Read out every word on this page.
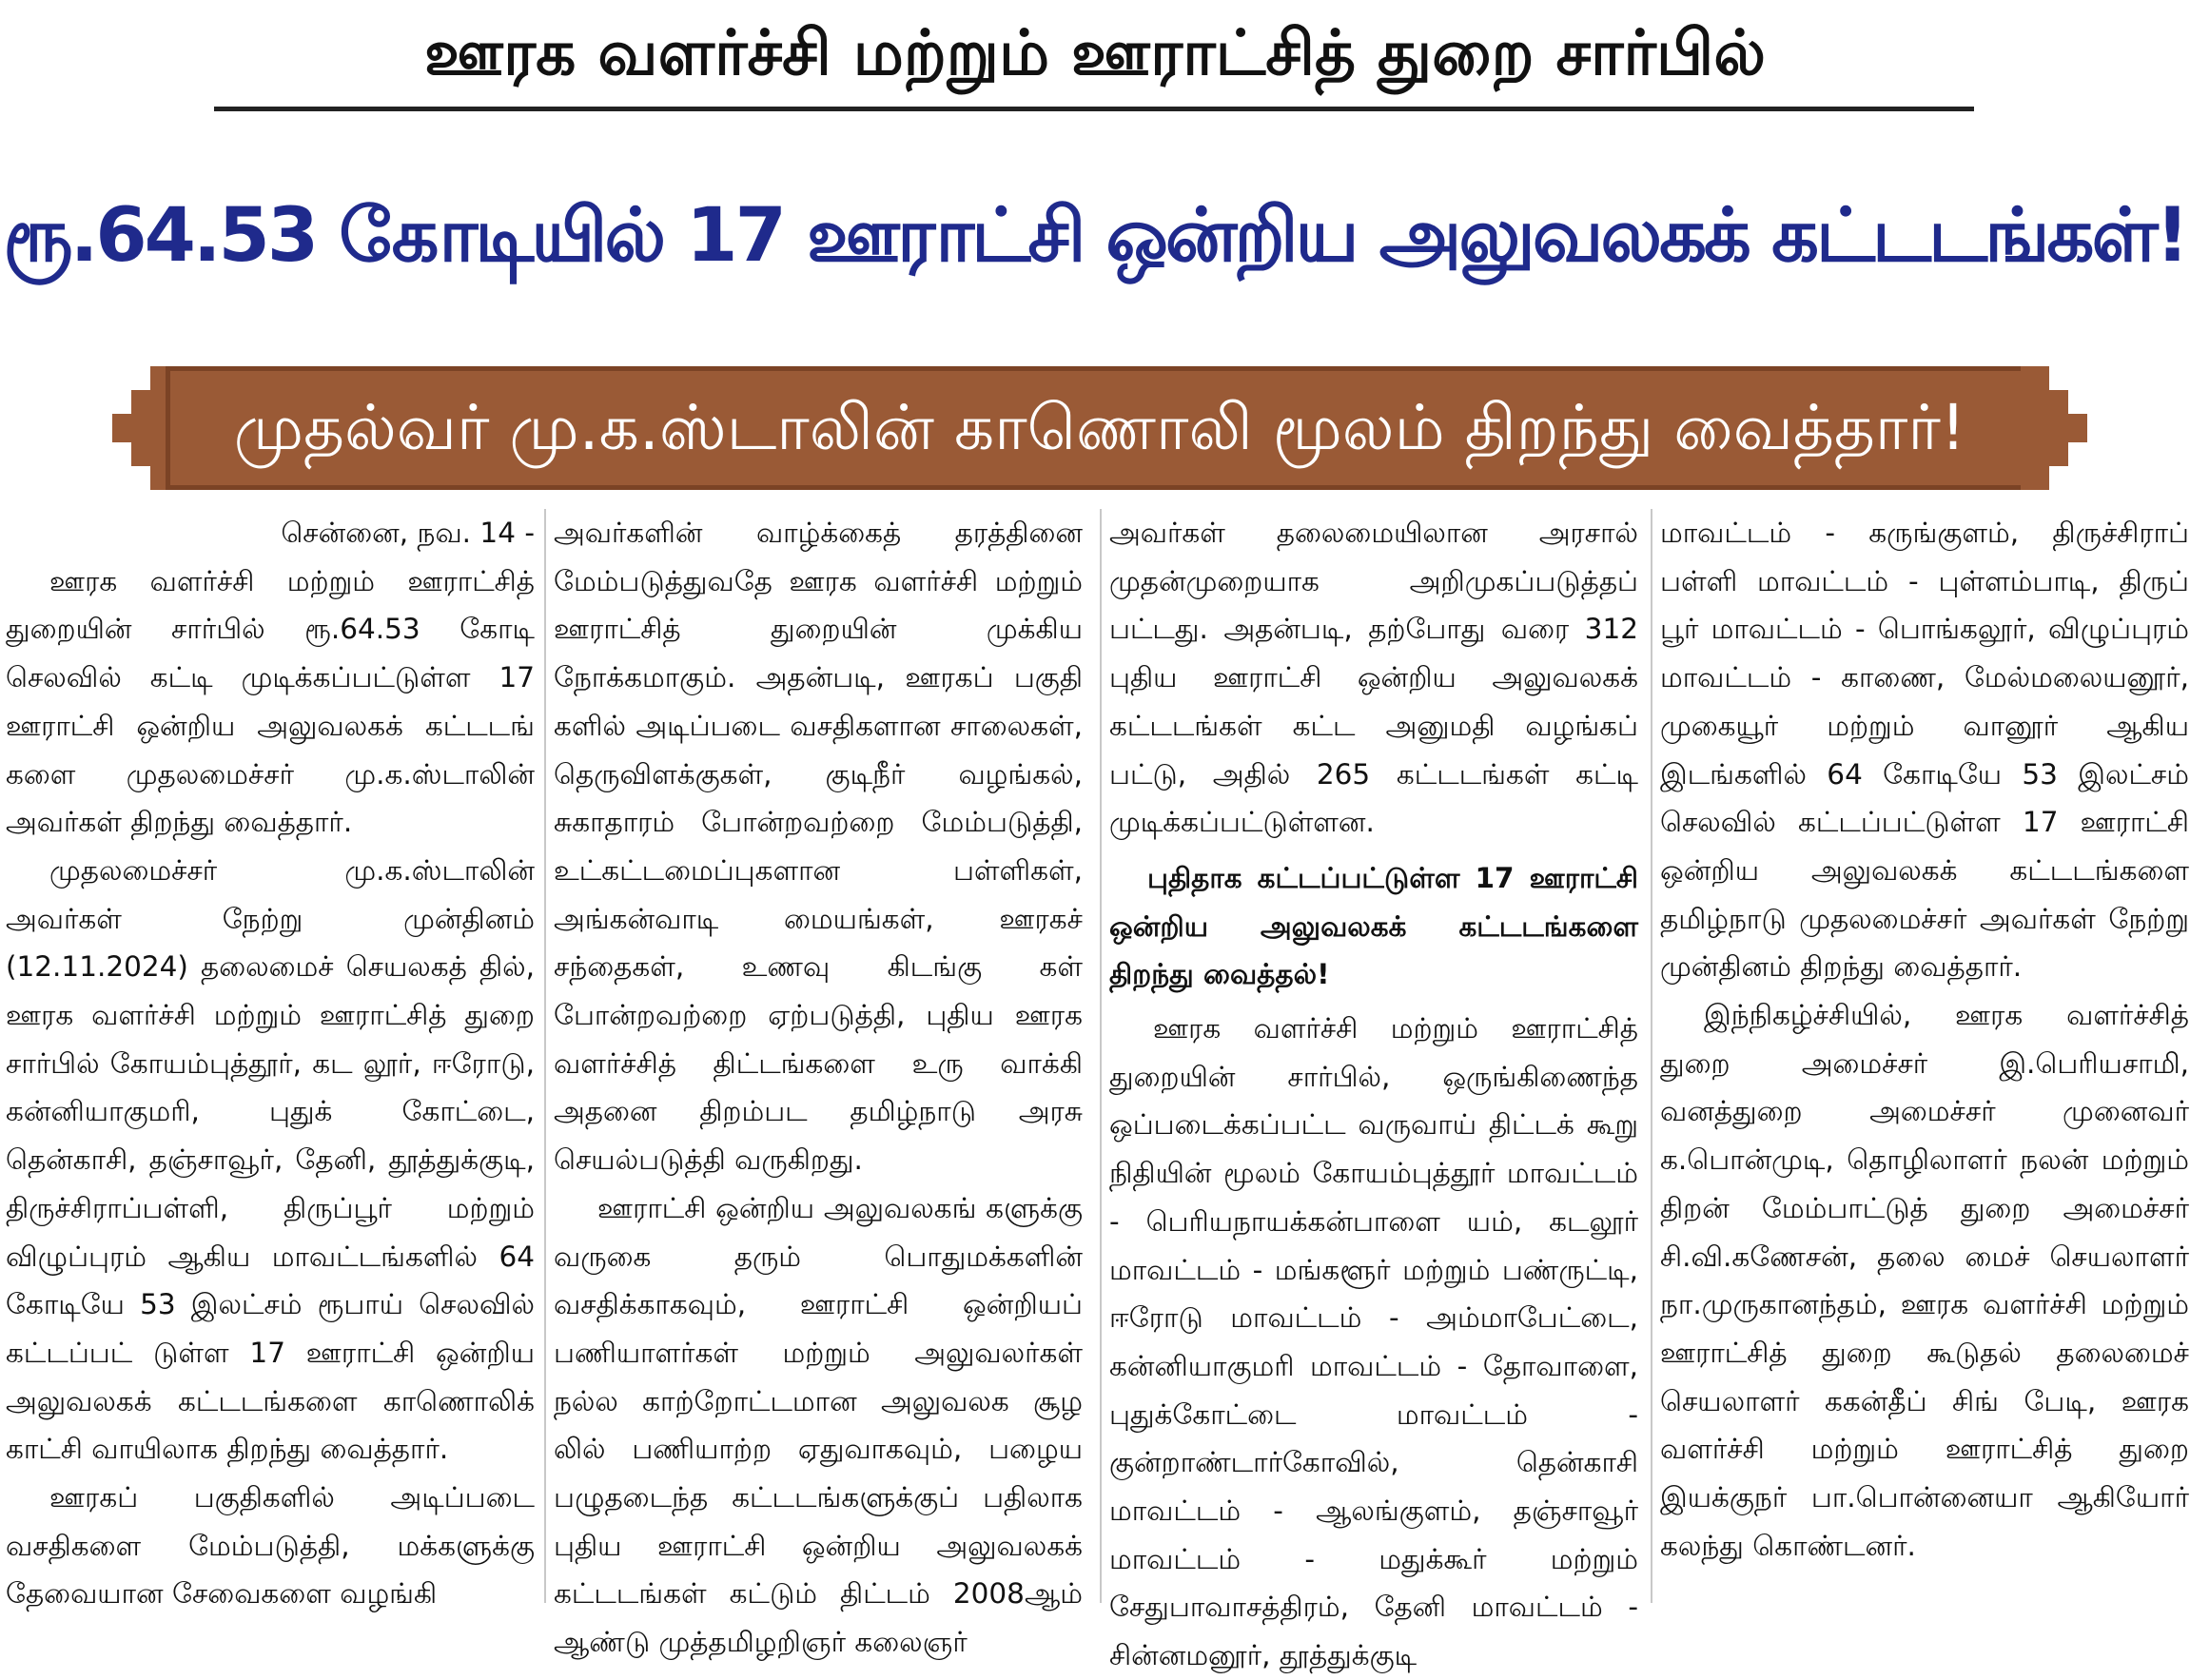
ஊரக வளர்ச்சி மற்றும் ஊராட்சித் துறை சார்பில்
ரூ.64.53 கோடியில் 17 ஊராட்சி ஒன்றிய அலுவலகக் கட்டடங்கள்!
முதல்வர் மு.க.ஸ்டாலின் காணொலி மூலம் திறந்து வைத்தார்!

சென்னை, நவ. 14 -

ஊரக வளர்ச்சி மற்றும் ஊராட்சித் துறையின் சார்பில் ரூ.64.53 கோடி செலவில் கட்டி முடிக்கப்பட்டுள்ள 17 ஊராட்சி ஒன்றிய அலுவலகக் கட்டடங் களை முதலமைச்சர் மு.க.ஸ்டாலின் அவர்கள் திறந்து வைத்தார்.

முதலமைச்சர் மு.க.ஸ்டாலின் அவர்கள் நேற்று முன்தினம் (12.11.2024) தலைமைச் செயலகத் தில், ஊரக வளர்ச்சி மற்றும் ஊராட்சித் துறை சார்பில் கோயம்புத்தூர், கட லூர், ஈரோடு, கன்னியாகுமரி, புதுக் கோட்டை, தென்காசி, தஞ்சாவூர், தேனி, தூத்துக்குடி, திருச்சிராப்பள்ளி, திருப்பூர் மற்றும் விழுப்புரம் ஆகிய மாவட்டங்களில் 64 கோடியே 53 இலட்சம் ரூபாய் செலவில் கட்டப்பட் டுள்ள 17 ஊராட்சி ஒன்றிய அலுவலகக் கட்டடங்களை காணொலிக் காட்சி வாயிலாக திறந்து வைத்தார்.

ஊரகப் பகுதிகளில் அடிப்படை வசதிகளை மேம்படுத்தி, மக்களுக்கு தேவையான சேவைகளை வழங்கி

அவர்களின் வாழ்க்கைத் தரத்தினை மேம்படுத்துவதே ஊரக வளர்ச்சி மற்றும் ஊராட்சித் துறையின் முக்கிய நோக்கமாகும். அதன்படி, ஊரகப் பகுதி களில் அடிப்படை வசதிகளான சாலைகள், தெருவிளக்குகள், குடிநீர் வழங்கல், சுகாதாரம் போன்றவற்றை மேம்படுத்தி, உட்கட்டமைப்புகளான பள்ளிகள், அங்கன்வாடி மையங்கள், ஊரகச் சந்தைகள், உணவு கிடங்கு கள் போன்றவற்றை ஏற்படுத்தி, புதிய ஊரக வளர்ச்சித் திட்டங்களை உரு வாக்கி அதனை திறம்பட தமிழ்நாடு அரசு செயல்படுத்தி வருகிறது.

ஊராட்சி ஒன்றிய அலுவலகங் களுக்கு வருகை தரும் பொதுமக்களின் வசதிக்காகவும், ஊராட்சி ஒன்றியப் பணியாளர்கள் மற்றும் அலுவலர்கள் நல்ல காற்றோட்டமான அலுவலக சூழ லில் பணியாற்ற ஏதுவாகவும், பழைய பழுதடைந்த கட்டடங்களுக்குப் பதிலாக புதிய ஊராட்சி ஒன்றிய அலுவலகக் கட்டடங்கள் கட்டும் திட்டம் 2008ஆம் ஆண்டு முத்தமிழறிஞர் கலைஞர்

அவர்கள் தலைமையிலான அரசால் முதன்முறையாக அறிமுகப்படுத்தப் பட்டது. அதன்படி, தற்போது வரை 312 புதிய ஊராட்சி ஒன்றிய அலுவலகக் கட்டடங்கள் கட்ட அனுமதி வழங்கப் பட்டு, அதில் 265 கட்டடங்கள் கட்டி முடிக்கப்பட்டுள்ளன.

புதிதாக கட்டப்பட்டுள்ள 17 ஊராட்சி ஒன்றிய அலுவலகக் கட்டடங்களை திறந்து வைத்தல்!

ஊரக வளர்ச்சி மற்றும் ஊராட்சித் துறையின் சார்பில், ஒருங்கிணைந்த ஒப்படைக்கப்பட்ட வருவாய் திட்டக் கூறு நிதியின் மூலம் கோயம்புத்தூர் மாவட்டம் - பெரியநாயக்கன்பாளை யம், கடலூர் மாவட்டம் - மங்களூர் மற்றும் பண்ருட்டி, ஈரோடு மாவட்டம் - அம்மாபேட்டை, கன்னியாகுமரி மாவட்டம் - தோவாளை, புதுக்கோட்டை மாவட்டம் - குன்றாண்டார்கோவில், தென்காசி மாவட்டம் - ஆலங்குளம், தஞ்சாவூர் மாவட்டம் - மதுக்கூர் மற்றும் சேதுபாவாசத்திரம், தேனி மாவட்டம் - சின்னமனூர், தூத்துக்குடி

மாவட்டம் - கருங்குளம், திருச்சிராப் பள்ளி மாவட்டம் - புள்ளம்பாடி, திருப் பூர் மாவட்டம் - பொங்கலூர், விழுப்புரம் மாவட்டம் - காணை, மேல்மலையனூர், முகையூர் மற்றும் வானூர் ஆகிய இடங்களில் 64 கோடியே 53 இலட்சம் செலவில் கட்டப்பட்டுள்ள 17 ஊராட்சி ஒன்றிய அலுவலகக் கட்டடங்களை தமிழ்நாடு முதலமைச்சர் அவர்கள் நேற்று முன்தினம் திறந்து வைத்தார்.

இந்நிகழ்ச்சியில், ஊரக வளர்ச்சித் துறை அமைச்சர் இ.பெரியசாமி, வனத்துறை அமைச்சர் முனைவர் க.பொன்முடி, தொழிலாளர் நலன் மற்றும் திறன் மேம்பாட்டுத் துறை அமைச்சர் சி.வி.கணேசன், தலை மைச் செயலாளர் நா.முருகானந்தம், ஊரக வளர்ச்சி மற்றும் ஊராட்சித் துறை கூடுதல் தலைமைச் செயலாளர் ககன்தீப் சிங் பேடி, ஊரக வளர்ச்சி மற்றும் ஊராட்சித் துறை இயக்குநர் பா.பொன்னையா ஆகியோர் கலந்து கொண்டனர்.
